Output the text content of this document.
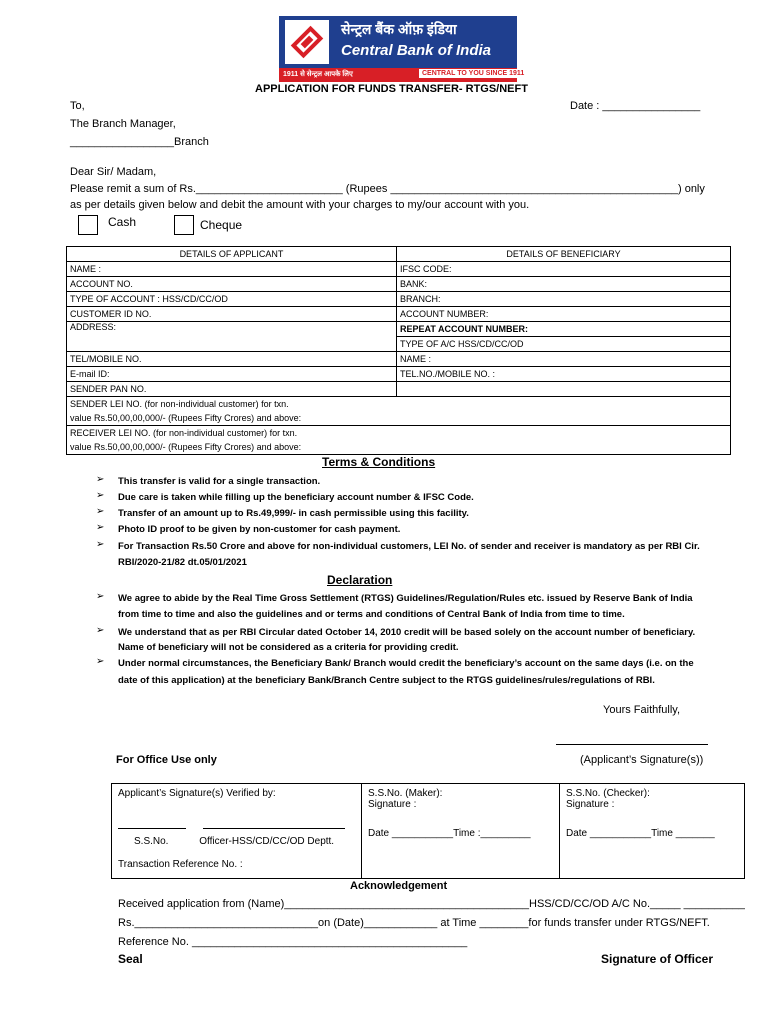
सेन्ट्रल बैंक ऑफ़ इंडिया
Central Bank of India
1911 से सेन्ट्रल आपके लिए	CENTRAL TO YOU SINCE 1911
APPLICATION FOR FUNDS TRANSFER- RTGS/NEFT
To,	Date : ________________
The Branch Manager,
_________________Branch
Dear Sir/ Madam,
Please remit a sum of Rs.________________________ (Rupees _______________________________________________) only
as per details given below and debit the amount with your charges to my/our account with you.
Cash	Cheque
DETAILS OF APPLICANT	DETAILS OF BENEFICIARY
NAME :	IFSC CODE:
ACCOUNT NO.	BANK:
TYPE OF ACCOUNT : HSS/CD/CC/OD	BRANCH:
CUSTOMER ID NO.	ACCOUNT NUMBER:
ADDRESS:	REPEAT ACCOUNT NUMBER:
	TYPE OF A/C HSS/CD/CC/OD
TEL/MOBILE NO.	NAME :
E-mail ID:	TEL.NO./MOBILE NO. :
SENDER PAN NO.	

SENDER LEI NO. (for non-individual customer) for txn.
value Rs.50,00,00,000/- (Rupees Fifty Crores) and above:	

RECEIVER LEI NO. (for non-individual customer) for txn.
value Rs.50,00,00,000/- (Rupees Fifty Crores) and above:	
Terms & Conditions
➢ This transfer is valid for a single transaction.
➢ Due care is taken while filling up the beneficiary account number & IFSC Code.
➢ Transfer of an amount up to Rs.49,999/- in cash permissible using this facility.
➢ Photo ID proof to be given by non-customer for cash payment.
➢ For Transaction Rs.50 Crore and above for non-individual customers, LEI No. of sender and receiver is mandatory as per RBI Cir.
RBI/2020-21/82 dt.05/01/2021
Declaration
➢ We agree to abide by the Real Time Gross Settlement (RTGS) Guidelines/Regulation/Rules etc. issued by Reserve Bank of India
from time to time and also the guidelines and or terms and conditions of Central Bank of India from time to time.
➢ We understand that as per RBI Circular dated October 14, 2010 credit will be based solely on the account number of beneficiary.
Name of beneficiary will not be considered as a criteria for providing credit.
➢ Under normal circumstances, the Beneficiary Bank/ Branch would credit the beneficiary’s account on the same days (i.e. on the
date of this application) at the beneficiary Bank/Branch Centre subject to the RTGS guidelines/rules/regulations of RBI.
Yours Faithfully,
For Office Use only	(Applicant’s Signature(s))
Applicant’s Signature(s) Verified by:

S.S.No.	Officer-HSS/CD/CC/OD Deptt.
Transaction Reference No. :

S.S.No. (Maker):
Signature :
Date ___________Time :_________

S.S.No. (Checker):
Signature :
Date ___________Time _______
Acknowledgement
Received application from (Name)________________________________________HSS/CD/CC/OD A/C No._____ __________
Rs.______________________________on (Date)____________ at Time ________for funds transfer under RTGS/NEFT.
Reference No. _____________________________________________
Seal	Signature of Officer
